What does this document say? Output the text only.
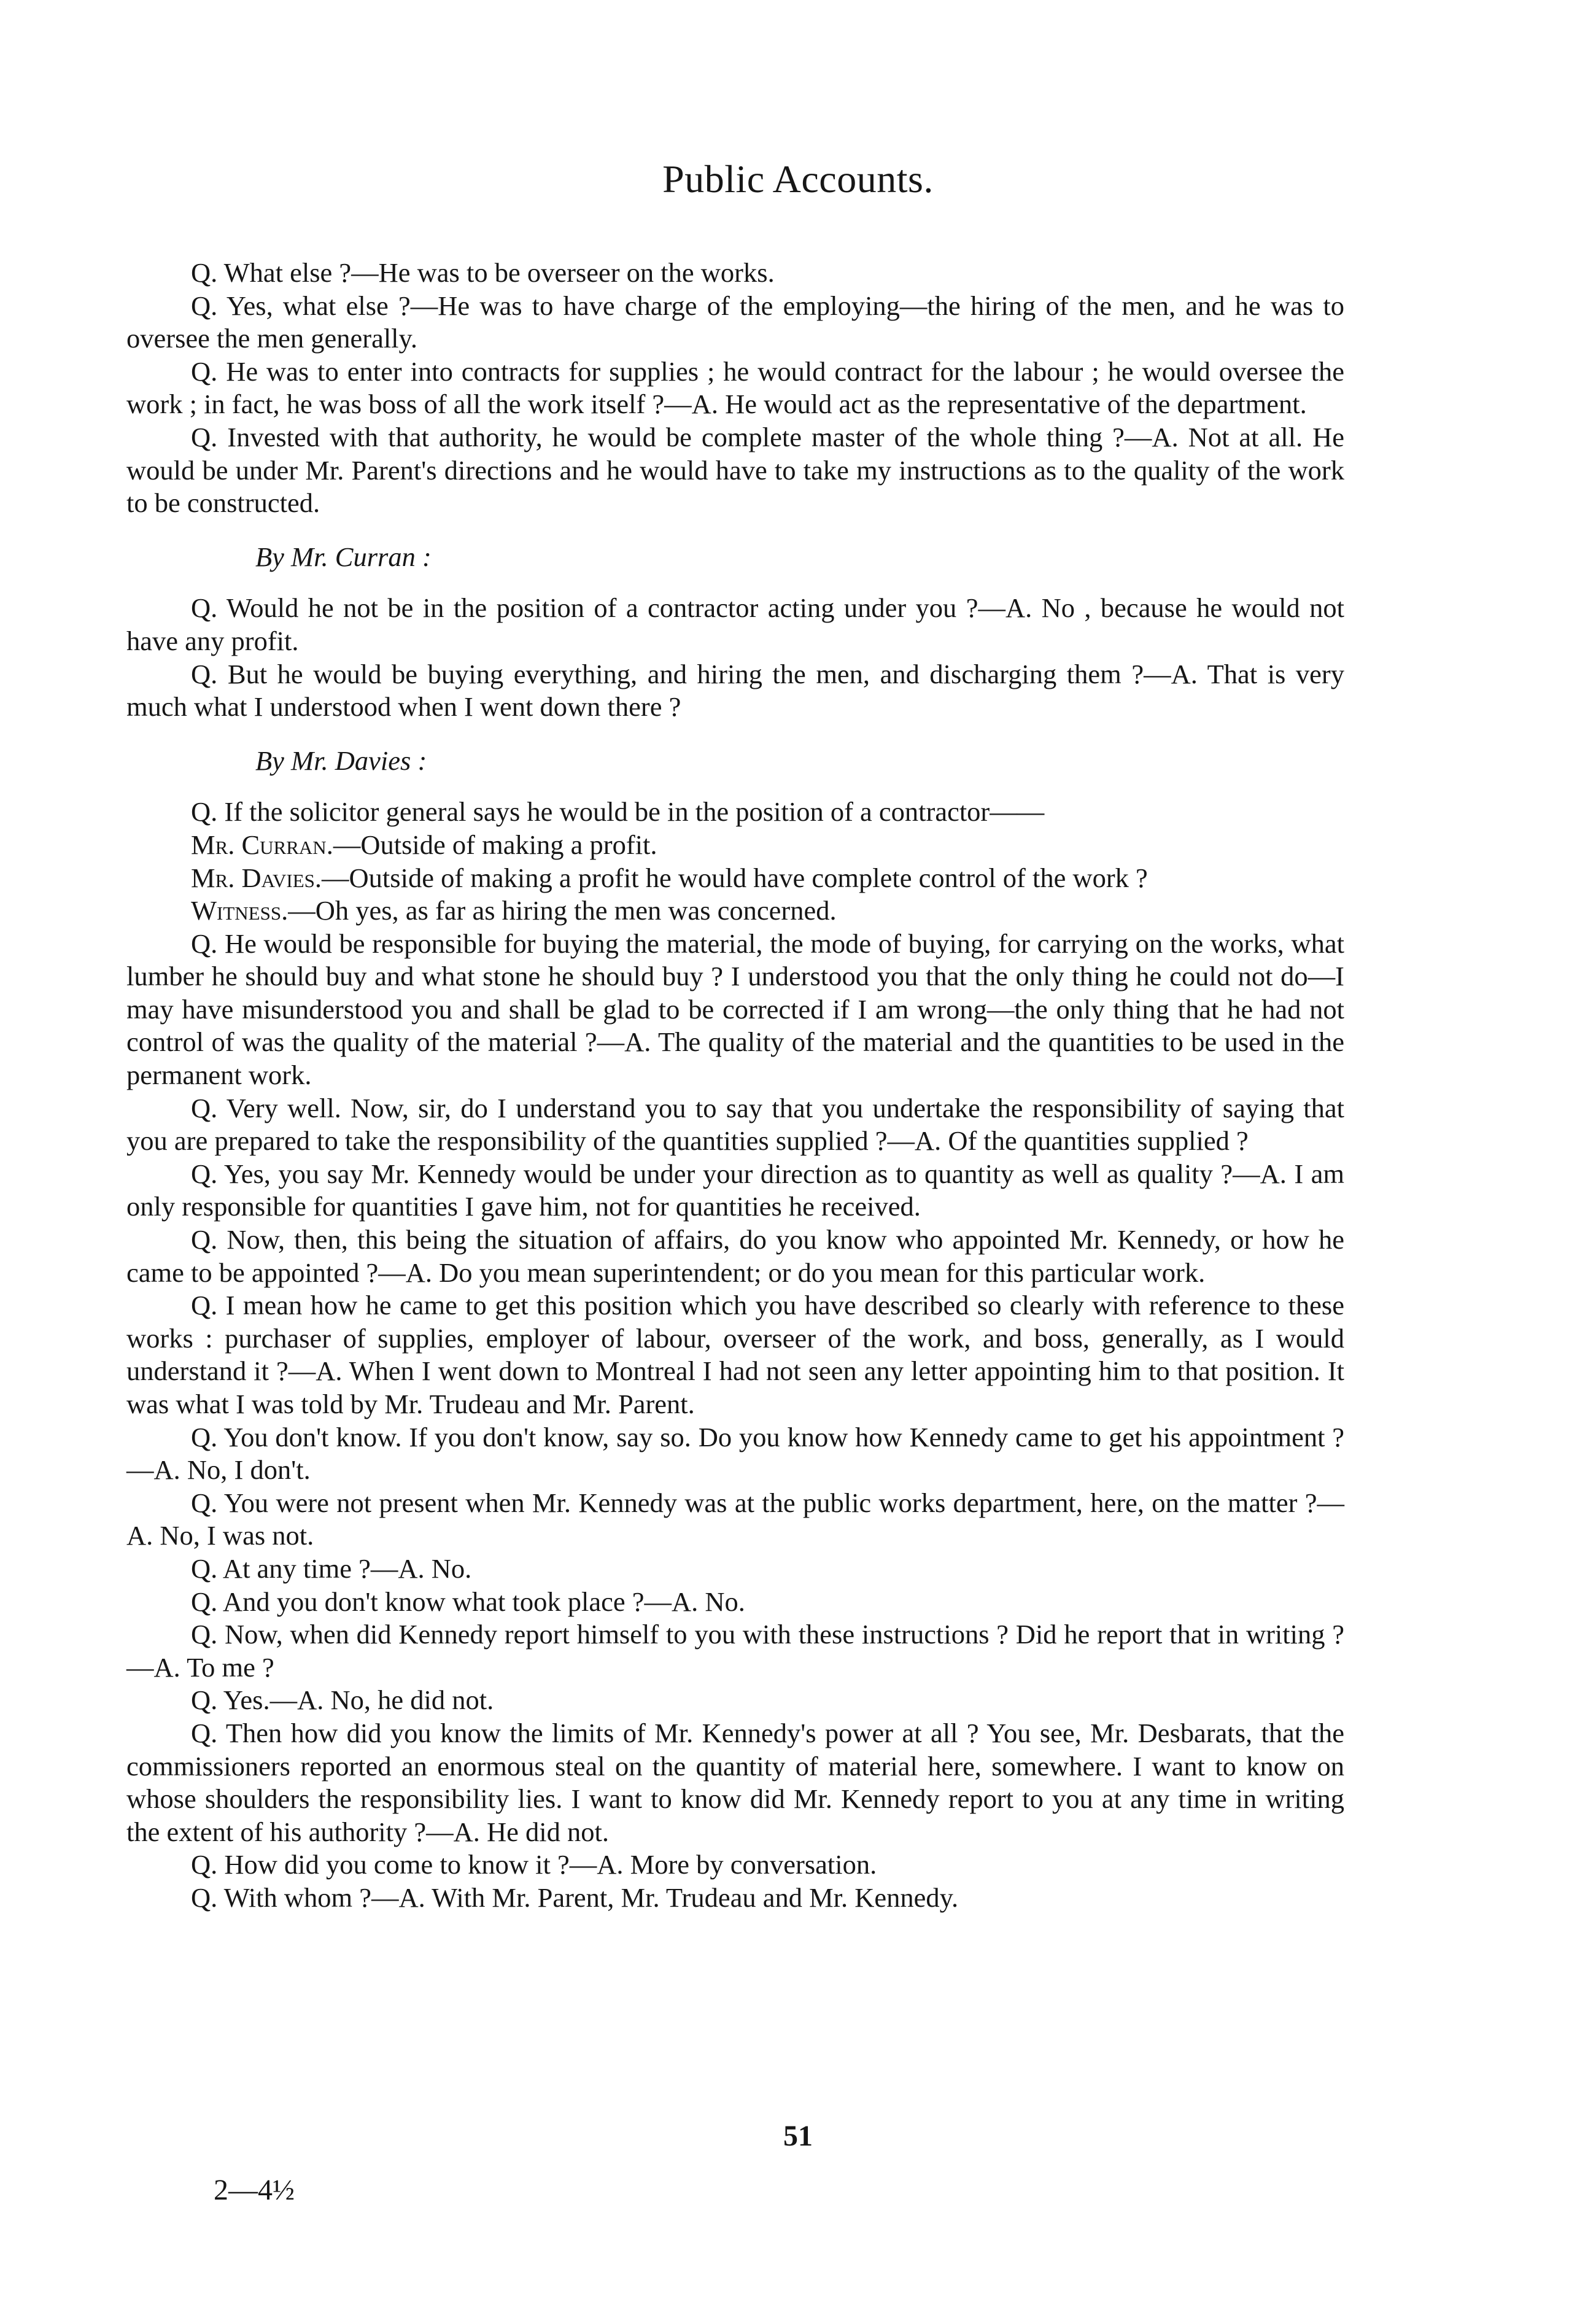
Public Accounts.

Q. What else ?—He was to be overseer on the works.

Q. Yes, what else ?—He was to have charge of the employing—the hiring of the men, and he was to oversee the men generally.

Q. He was to enter into contracts for supplies ; he would contract for the labour ; he would oversee the work ; in fact, he was boss of all the work itself ?—A. He would act as the representative of the department.

Q. Invested with that authority, he would be complete master of the whole thing ?—A. Not at all. He would be under Mr. Parent's directions and he would have to take my instructions as to the quality of the work to be constructed.

By Mr. Curran :

Q. Would he not be in the position of a contractor acting under you ?—A. No , because he would not have any profit.

Q. But he would be buying everything, and hiring the men, and discharging them ?—A. That is very much what I understood when I went down there ?

By Mr. Davies :

Q. If the solicitor general says he would be in the position of a contractor——

Mr. Curran.—Outside of making a profit.

Mr. Davies.—Outside of making a profit he would have complete control of the work ?

Witness.—Oh yes, as far as hiring the men was concerned.

Q. He would be responsible for buying the material, the mode of buying, for carrying on the works, what lumber he should buy and what stone he should buy ? I understood you that the only thing he could not do—I may have misunderstood you and shall be glad to be corrected if I am wrong—the only thing that he had not control of was the quality of the material ?—A. The quality of the material and the quantities to be used in the permanent work.

Q. Very well. Now, sir, do I understand you to say that you undertake the responsibility of saying that you are prepared to take the responsibility of the quantities supplied ?—A. Of the quantities supplied ?

Q. Yes, you say Mr. Kennedy would be under your direction as to quantity as well as quality ?—A. I am only responsible for quantities I gave him, not for quantities he received.

Q. Now, then, this being the situation of affairs, do you know who appointed Mr. Kennedy, or how he came to be appointed ?—A. Do you mean superintendent; or do you mean for this particular work.

Q. I mean how he came to get this position which you have described so clearly with reference to these works : purchaser of supplies, employer of labour, overseer of the work, and boss, generally, as I would understand it ?—A. When I went down to Montreal I had not seen any letter appointing him to that position. It was what I was told by Mr. Trudeau and Mr. Parent.

Q. You don't know. If you don't know, say so. Do you know how Kennedy came to get his appointment ?—A. No, I don't.

Q. You were not present when Mr. Kennedy was at the public works department, here, on the matter ?—A. No, I was not.

Q. At any time ?—A. No.

Q. And you don't know what took place ?—A. No.

Q. Now, when did Kennedy report himself to you with these instructions ? Did he report that in writing ?—A. To me ?

Q. Yes.—A. No, he did not.

Q. Then how did you know the limits of Mr. Kennedy's power at all ? You see, Mr. Desbarats, that the commissioners reported an enormous steal on the quantity of material here, somewhere. I want to know on whose shoulders the responsibility lies. I want to know did Mr. Kennedy report to you at any time in writing the extent of his authority ?—A. He did not.

Q. How did you come to know it ?—A. More by conversation.

Q. With whom ?—A. With Mr. Parent, Mr. Trudeau and Mr. Kennedy.

51
2—4½
